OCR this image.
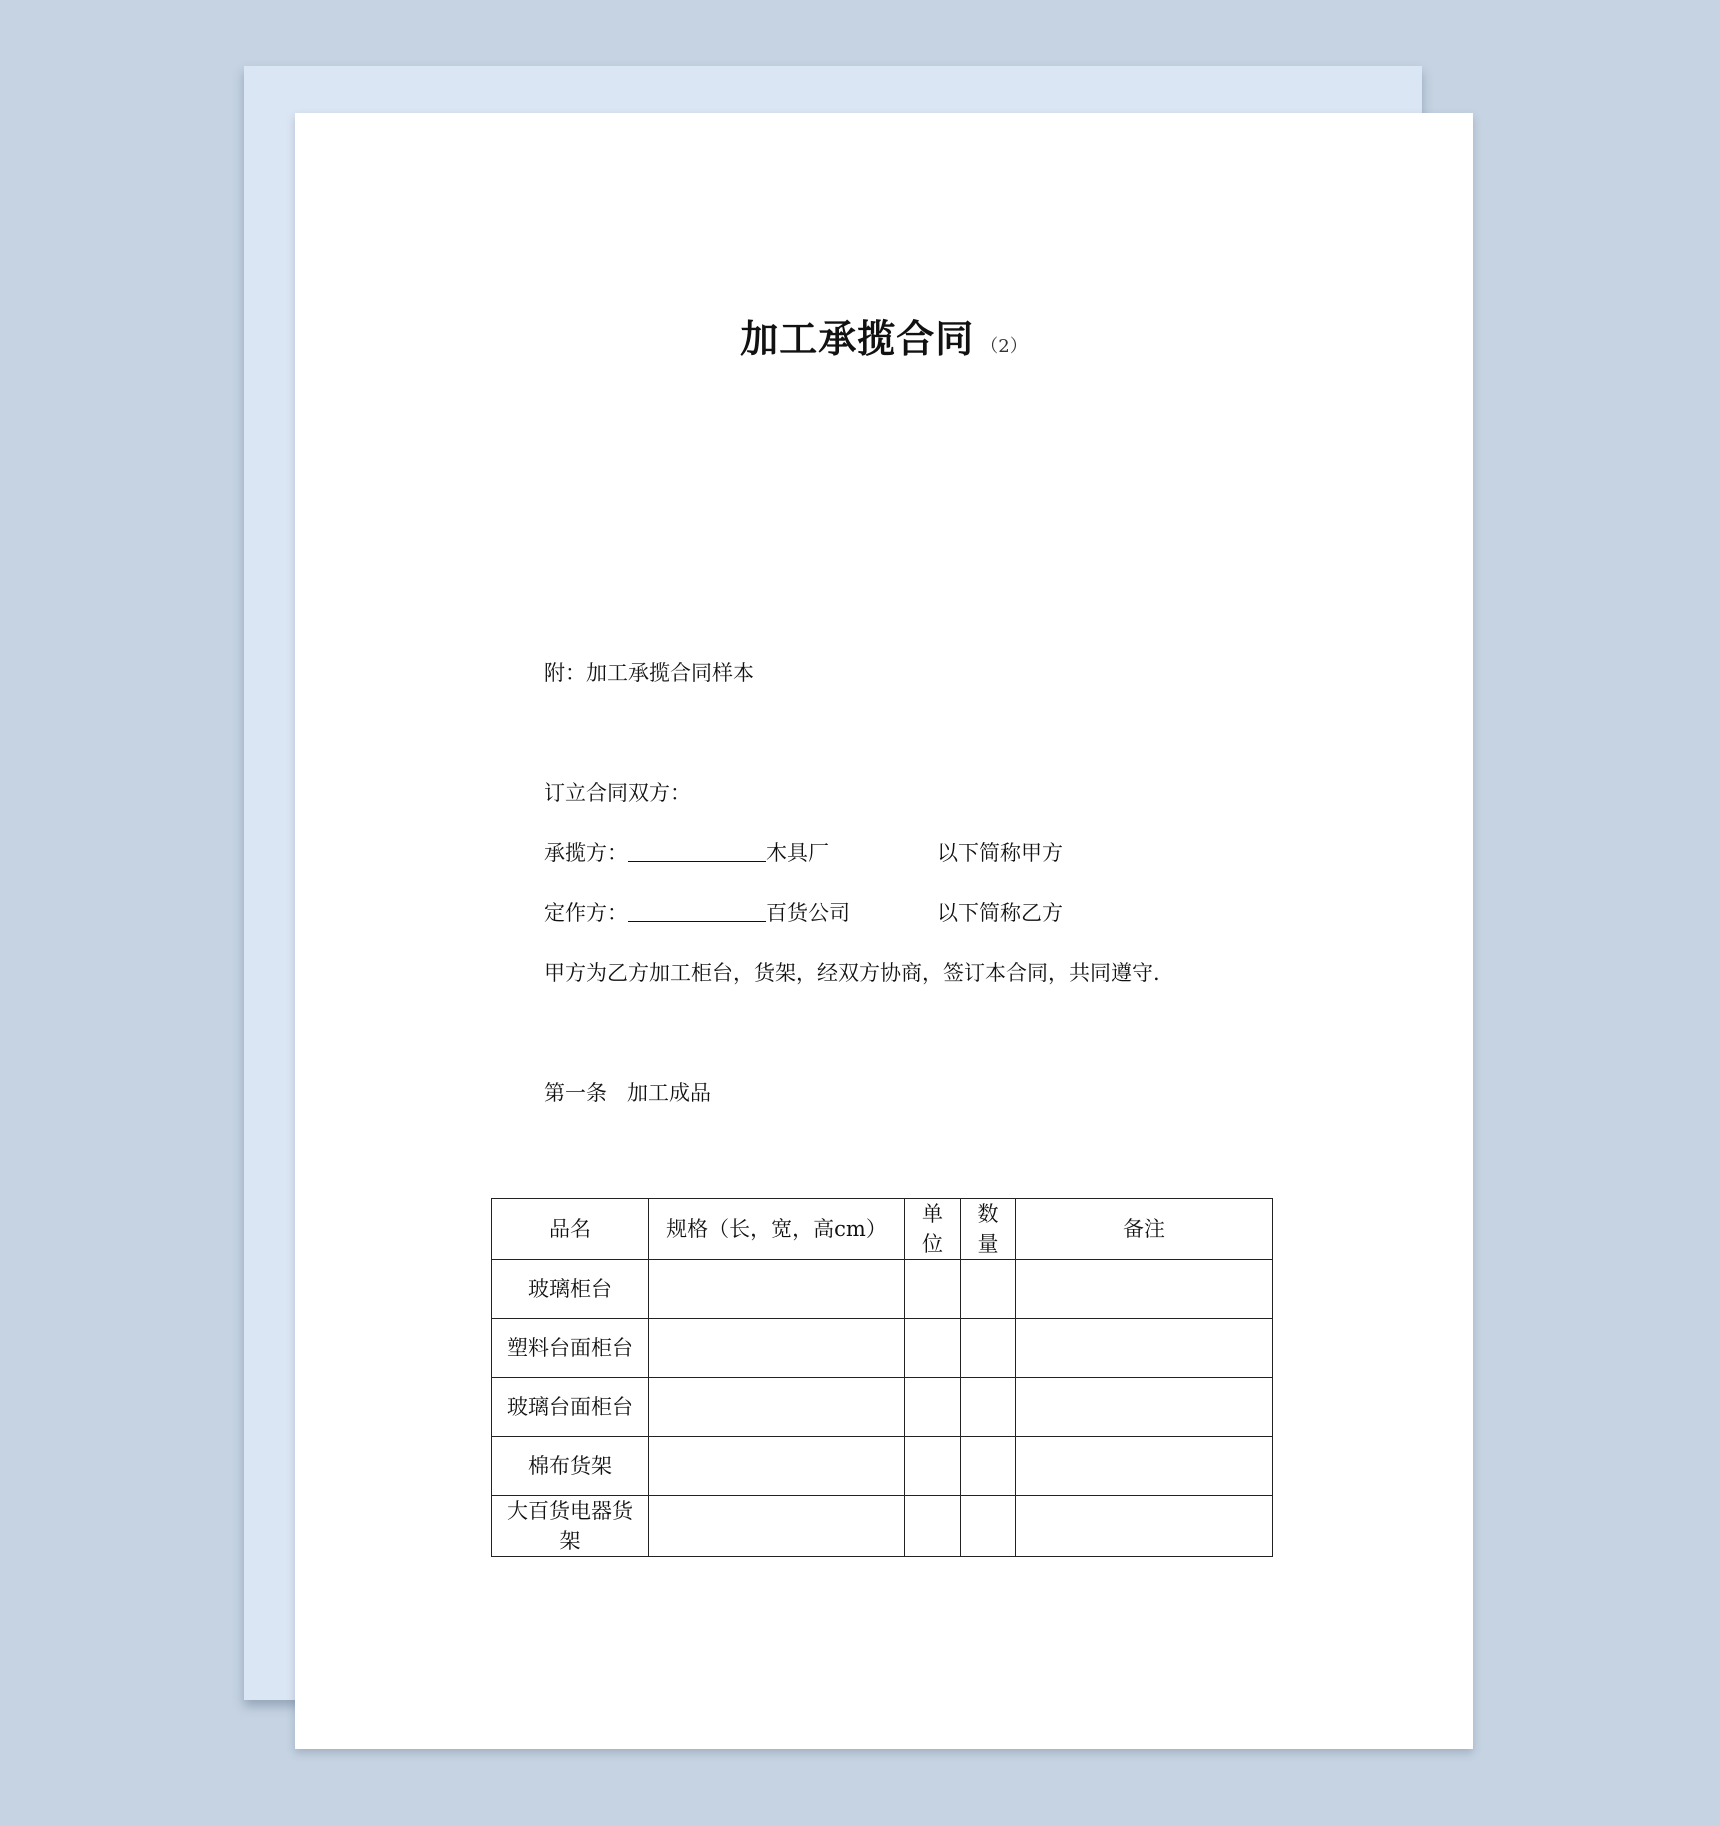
加工承揽合同 （2）
附：加工承揽合同样本
订立合同双方：
承揽方：	木具厂	以下简称甲方
定作方：	百货公司	以下简称乙方
甲方为乙方加工柜台，货架，经双方协商，签订本合同，共同遵守.
第一条 加工成品
品名	规格（长，宽，高cm）	单位	数量	备注
玻璃柜台				
塑料台面柜台				
玻璃台面柜台				
棉布货架				
大百货电器货架				
